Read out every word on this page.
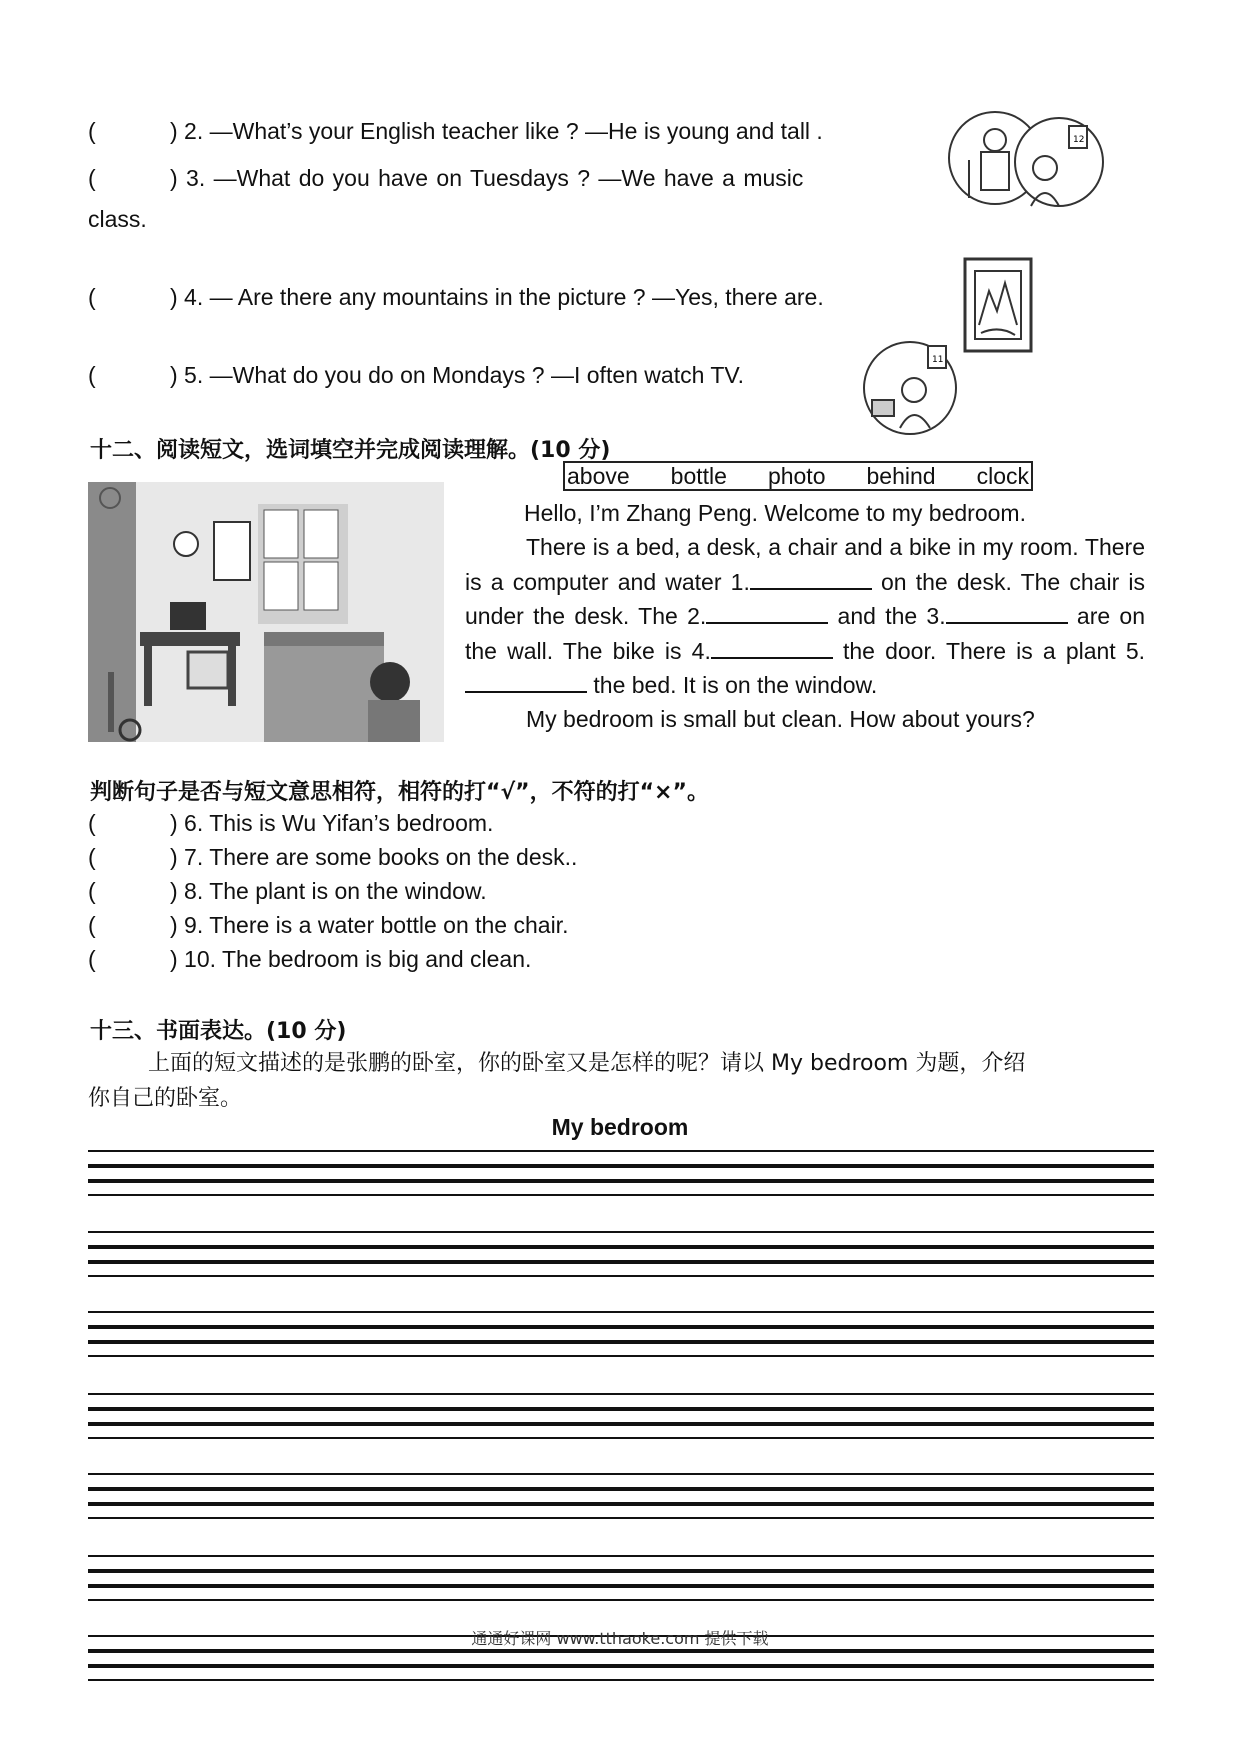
(	) 2. —What’s your English teacher like ? —He is young and tall .
(	) 3. —What do you have on Tuesdays ? —We have a music
class.
(	) 4. — Are there any mountains in the picture ? —Yes, there are.
(	) 5. —What do you do on Mondays ? —I often watch TV.
12
11
十二、阅读短文，选词填空并完成阅读理解。(10 分)
above bottle photo behind clock

Hello, I’m Zhang Peng. Welcome to my bedroom.

There is a bed, a desk, a chair and a bike in my room. There is a computer and water 1.	on the desk. The chair is under the desk. The 2.	and the 3.	are on the wall. The bike is 4.	the door. There is a plant 5. the bed. It is on the window.

My bedroom is small but clean. How about yours?

判断句子是否与短文意思相符，相符的打“√”，不符的打“×”。
(	) 6. This is Wu Yifan’s bedroom.
(	) 7. There are some books on the desk..
(	) 8. The plant is on the window.
(	) 9. There is a water bottle on the chair.
(	) 10. The bedroom is big and clean.
十三、书面表达。(10 分)
上面的短文描述的是张鹏的卧室，你的卧室又是怎样的呢？请以 My bedroom 为题，介绍
你自己的卧室。
My bedroom
通通好课网 www.tthaoke.com 提供下载
